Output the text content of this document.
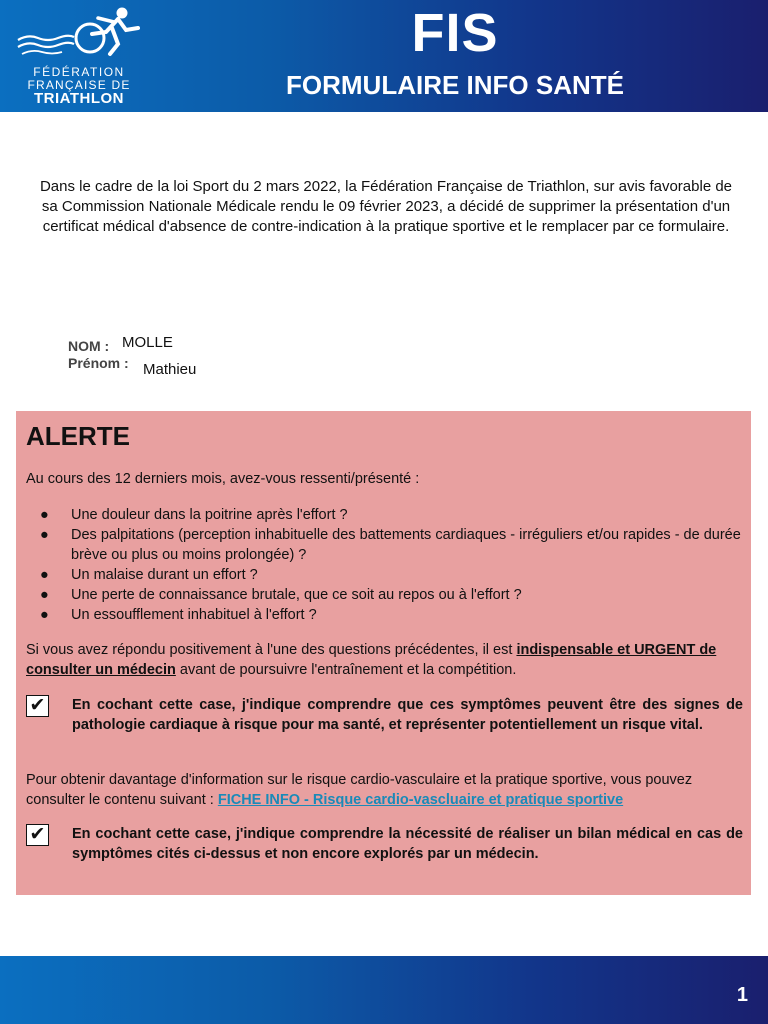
FÉDÉRATION
FRANÇAISE DE
TRIATHLON
FIS
FORMULAIRE INFO SANTÉ

Dans le cadre de la loi Sport du 2 mars 2022, la Fédération Française de Triathlon, sur avis favorable de sa Commission Nationale Médicale rendu le 09 février 2023, a décidé de supprimer la présentation d'un certificat médical d'absence de contre-indication à la pratique sportive et le remplacer par ce formulaire.

NOM : MOLLE
Prénom : Mathieu
ALERTE
Au cours des 12 derniers mois, avez-vous ressenti/présenté :
● Une douleur dans la poitrine après l'effort ?
● Des palpitations (perception inhabituelle des battements cardiaques - irréguliers et/ou rapides - de durée brève ou plus ou moins prolongée) ?
● Un malaise durant un effort ?
● Une perte de connaissance brutale, que ce soit au repos ou à l'effort ?
● Un essoufflement inhabituel à l'effort ?

Si vous avez répondu positivement à l'une des questions précédentes, il est indispensable et URGENT de consulter un médecin avant de poursuivre l'entraînement et la compétition.

✔ En cochant cette case, j'indique comprendre que ces symptômes peuvent être des signes de pathologie cardiaque à risque pour ma santé, et représenter potentiellement un risque vital.

Pour obtenir davantage d'information sur le risque cardio-vasculaire et la pratique sportive, vous pouvez consulter le contenu suivant : FICHE INFO - Risque cardio-vascluaire et pratique sportive

✔ En cochant cette case, j'indique comprendre la nécessité de réaliser un bilan médical en cas de symptômes cités ci-dessus et non encore explorés par un médecin.

1
